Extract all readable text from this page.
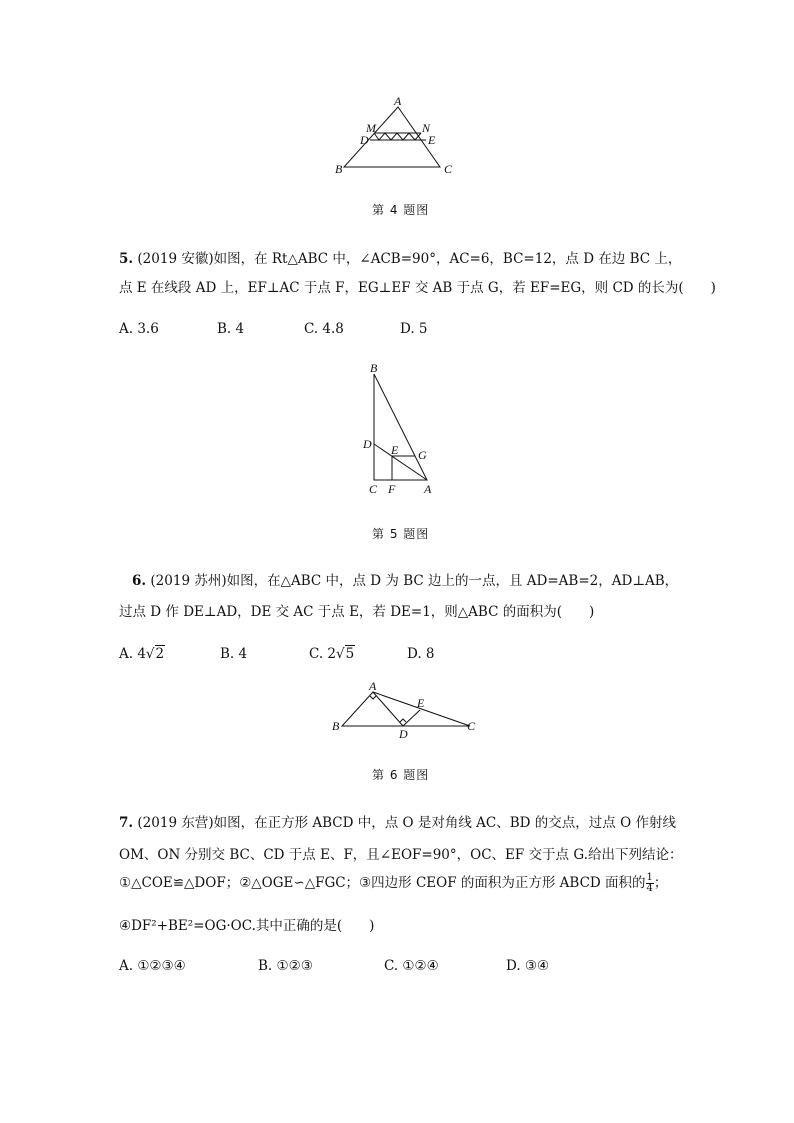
A
M	N
D	E
B	C
第 4 题图
5. (2019 安徽)如图，在 Rt△ABC 中，∠ACB=90°，AC=6，BC=12，点 D 在边 BC 上，
点 E 在线段 AD 上，EF⊥AC 于点 F，EG⊥EF 交 AB 于点 G，若 EF=EG，则 CD 的长为(　　)
A. 3.6	B. 4	C. 4.8	D. 5
B
D E G
C F A
第 5 题图
6. (2019 苏州)如图，在△ABC 中，点 D 为 BC 边上的一点，且 AD=AB=2，AD⊥AB，
过点 D 作 DE⊥AD，DE 交 AC 于点 E，若 DE=1，则△ABC 的面积为(　　)
A. 4√2	B. 4	C. 2√5	D. 8
A
E
B
D
C
第 6 题图
7. (2019 东营)如图，在正方形 ABCD 中，点 O 是对角线 AC、BD 的交点，过点 O 作射线
OM、ON 分别交 BC、CD 于点 E、F，且∠EOF=90°，OC、EF 交于点 G.给出下列结论：
①△COE≌△DOF；②△OGE∽△FGC；③四边形 CEOF 的面积为正方形 ABCD 面积的 $\frac{1}{4}$ ；
④DF²+BE²=OG·OC.其中正确的是(　　)
A. ①②③④	B. ①②③	C. ①②④	D. ③④
